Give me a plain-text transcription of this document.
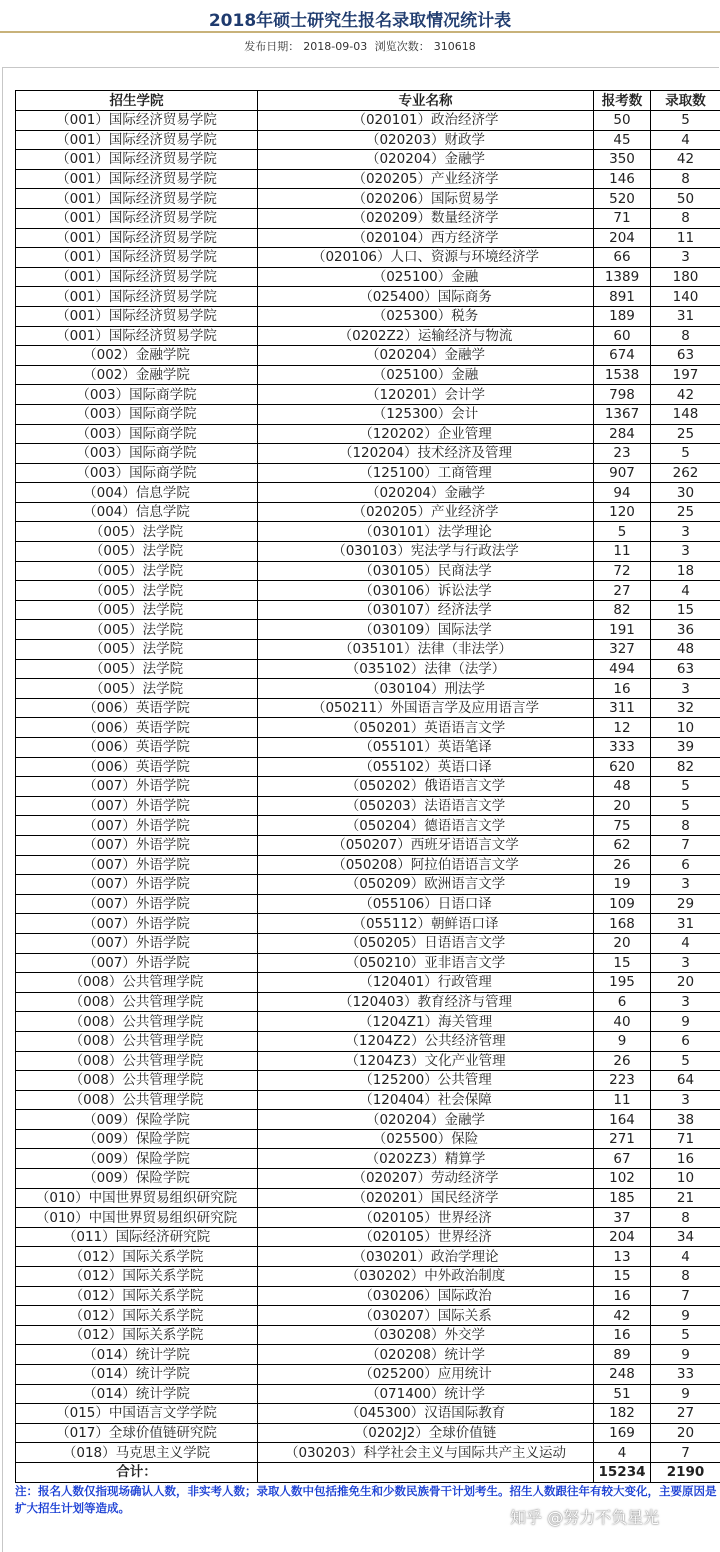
2018年硕士研究生报名录取情况统计表
发布日期： 2018-09-03 浏览次数： 310618
招生学院	专业名称	报考数	录取数
（001）国际经济贸易学院	（020101）政治经济学	50	5
（001）国际经济贸易学院	（020203）财政学	45	4
（001）国际经济贸易学院	（020204）金融学	350	42
（001）国际经济贸易学院	（020205）产业经济学	146	8
（001）国际经济贸易学院	（020206）国际贸易学	520	50
（001）国际经济贸易学院	（020209）数量经济学	71	8
（001）国际经济贸易学院	（020104）西方经济学	204	11
（001）国际经济贸易学院	（020106）人口、资源与环境经济学	66	3
（001）国际经济贸易学院	（025100）金融	1389	180
（001）国际经济贸易学院	（025400）国际商务	891	140
（001）国际经济贸易学院	（025300）税务	189	31
（001）国际经济贸易学院	（0202Z2）运输经济与物流	60	8
（002）金融学院	（020204）金融学	674	63
（002）金融学院	（025100）金融	1538	197
（003）国际商学院	（120201）会计学	798	42
（003）国际商学院	（125300）会计	1367	148
（003）国际商学院	（120202）企业管理	284	25
（003）国际商学院	（120204）技术经济及管理	23	5
（003）国际商学院	（125100）工商管理	907	262
（004）信息学院	（020204）金融学	94	30
（004）信息学院	（020205）产业经济学	120	25
（005）法学院	（030101）法学理论	5	3
（005）法学院	（030103）宪法学与行政法学	11	3
（005）法学院	（030105）民商法学	72	18
（005）法学院	（030106）诉讼法学	27	4
（005）法学院	（030107）经济法学	82	15
（005）法学院	（030109）国际法学	191	36
（005）法学院	（035101）法律（非法学）	327	48
（005）法学院	（035102）法律（法学）	494	63
（005）法学院	（030104）刑法学	16	3
（006）英语学院	（050211）外国语言学及应用语言学	311	32
（006）英语学院	（050201）英语语言文学	12	10
（006）英语学院	（055101）英语笔译	333	39
（006）英语学院	（055102）英语口译	620	82
（007）外语学院	（050202）俄语语言文学	48	5
（007）外语学院	（050203）法语语言文学	20	5
（007）外语学院	（050204）德语语言文学	75	8
（007）外语学院	（050207）西班牙语语言文学	62	7
（007）外语学院	（050208）阿拉伯语语言文学	26	6
（007）外语学院	（050209）欧洲语言文学	19	3
（007）外语学院	（055106）日语口译	109	29
（007）外语学院	（055112）朝鲜语口译	168	31
（007）外语学院	（050205）日语语言文学	20	4
（007）外语学院	（050210）亚非语言文学	15	3
（008）公共管理学院	（120401）行政管理	195	20
（008）公共管理学院	（120403）教育经济与管理	6	3
（008）公共管理学院	（1204Z1）海关管理	40	9
（008）公共管理学院	（1204Z2）公共经济管理	9	6
（008）公共管理学院	（1204Z3）文化产业管理	26	5
（008）公共管理学院	（125200）公共管理	223	64
（008）公共管理学院	（120404）社会保障	11	3
（009）保险学院	（020204）金融学	164	38
（009）保险学院	（025500）保险	271	71
（009）保险学院	（0202Z3）精算学	67	16
（009）保险学院	（020207）劳动经济学	102	10
（010）中国世界贸易组织研究院	（020201）国民经济学	185	21
（010）中国世界贸易组织研究院	（020105）世界经济	37	8
（011）国际经济研究院	（020105）世界经济	204	34
（012）国际关系学院	（030201）政治学理论	13	4
（012）国际关系学院	（030202）中外政治制度	15	8
（012）国际关系学院	（030206）国际政治	16	7
（012）国际关系学院	（030207）国际关系	42	9
（012）国际关系学院	（030208）外交学	16	5
（014）统计学院	（020208）统计学	89	9
（014）统计学院	（025200）应用统计	248	33
（014）统计学院	（071400）统计学	51	9
（015）中国语言文学学院	（045300）汉语国际教育	182	27
（017）全球价值链研究院	（0202J2）全球价值链	169	20
（018）马克思主义学院	（030203）科学社会主义与国际共产主义运动	4	7
合计：		15234	2190
注：报名人数仅指现场确认人数，非实考人数；录取人数中包括推免生和少数民族骨干计划考生。招生人数跟往年有较大变化，主要原因是扩大招生计划等造成。	知乎 @努力不负星光
